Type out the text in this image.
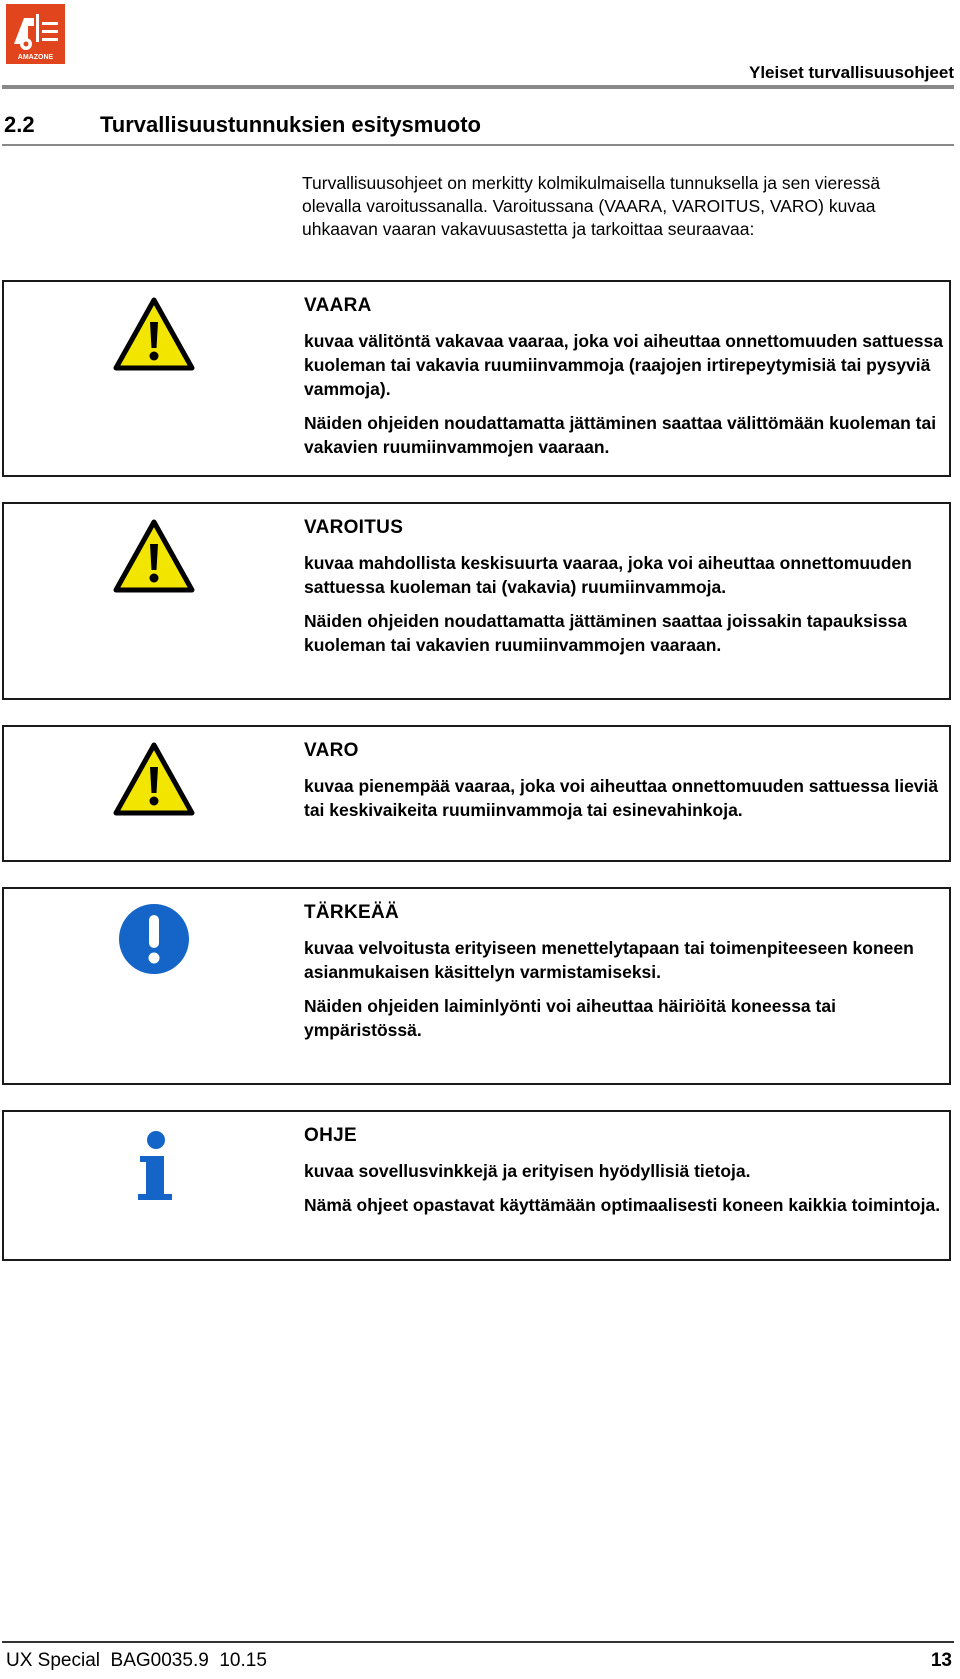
AMAZONE
Yleiset turvallisuusohjeet
2.2	Turvallisuustunnuksien esitysmuoto
Turvallisuusohjeet on merkitty kolmikulmaisella tunnuksella ja sen vieressä olevalla varoitussanalla. Varoitussana (VAARA, VAROITUS, VARO) kuvaa uhkaavan vaaran vakavuusastetta ja tarkoittaa seuraavaa:
VAARA
kuvaa välitöntä vakavaa vaaraa, joka voi aiheuttaa onnettomuuden sattuessa kuoleman tai vakavia ruumiinvammoja (raajojen irtirepeytymisiä tai pysyviä vammoja).
Näiden ohjeiden noudattamatta jättäminen saattaa välittömään kuoleman tai vakavien ruumiinvammojen vaaraan.
VAROITUS
kuvaa mahdollista keskisuurta vaaraa, joka voi aiheuttaa onnettomuuden sattuessa kuoleman tai (vakavia) ruumiinvammoja.
Näiden ohjeiden noudattamatta jättäminen saattaa joissakin tapauksissa kuoleman tai vakavien ruumiinvammojen vaaraan.
VARO
kuvaa pienempää vaaraa, joka voi aiheuttaa onnettomuuden sattuessa lieviä tai keskivaikeita ruumiinvammoja tai esinevahinkoja.
TÄRKEÄÄ
kuvaa velvoitusta erityiseen menettelytapaan tai toimenpiteeseen koneen asianmukaisen käsittelyn varmistamiseksi.
Näiden ohjeiden laiminlyönti voi aiheuttaa häiriöitä koneessa tai ympäristössä.
OHJE
kuvaa sovellusvinkkejä ja erityisen hyödyllisiä tietoja.
Nämä ohjeet opastavat käyttämään optimaalisesti koneen kaikkia toimintoja.
UX Special  BAG0035.9  10.15	13
